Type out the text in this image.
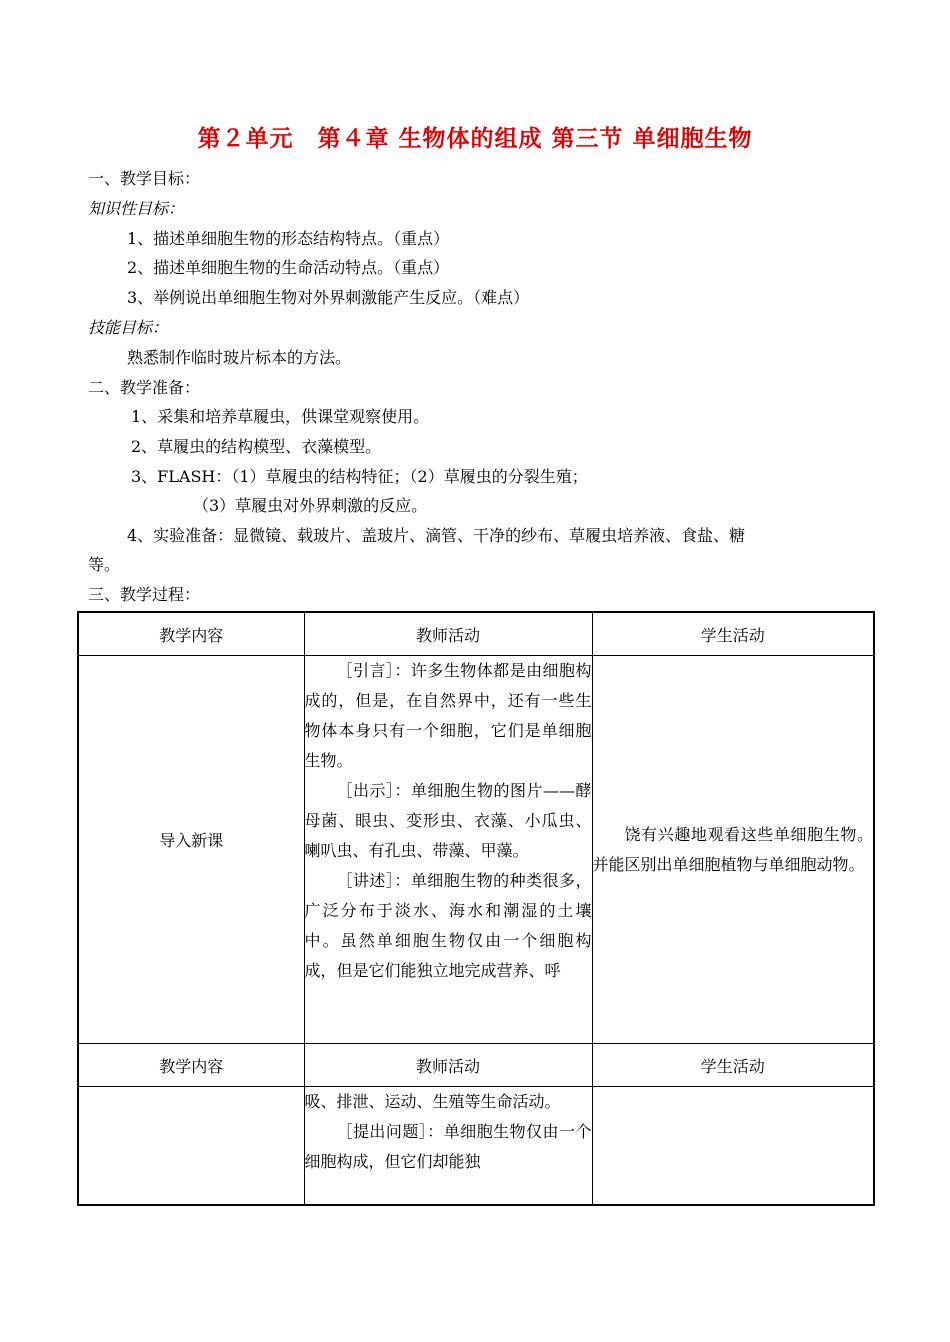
第２单元　第４章 生物体的组成 第三节 单细胞生物
一、教学目标：
知识性目标：
1、描述单细胞生物的形态结构特点。（重点）
2、描述单细胞生物的生命活动特点。（重点）
3、举例说出单细胞生物对外界刺激能产生反应。（难点）
技能目标：
熟悉制作临时玻片标本的方法。
二、教学准备：
1、采集和培养草履虫，供课堂观察使用。
2、草履虫的结构模型、衣藻模型。
3、FLASH：（1）草履虫的结构特征；（2）草履虫的分裂生殖；
（3）草履虫对外界刺激的反应。
4、实验准备：显微镜、载玻片、盖玻片、滴管、干净的纱布、草履虫培养液、食盐、糖
等。
三、教学过程：
教学内容	教师活动	学生活动
导入新课	［引言］：许多生物体都是由细胞构成的，但是，在自然界中，还有一些生物体本身只有一个细胞，它们是单细胞生物。

［出示］：单细胞生物的图片——酵母菌、眼虫、变形虫、衣藻、小瓜虫、喇叭虫、有孔虫、带藻、甲藻。

［讲述］：单细胞生物的种类很多，广泛分布于淡水、海水和潮湿的土壤中。虽然单细胞生物仅由一个细胞构成，但是它们能独立地完成营养、呼	饶有兴趣地观看这些单细胞生物。并能区别出单细胞植物与单细胞动物。

教学内容	教师活动	学生活动

	吸、排泄、运动、生殖等生命活动。

［提出问题］：单细胞生物仅由一个细胞构成，但它们却能独	
